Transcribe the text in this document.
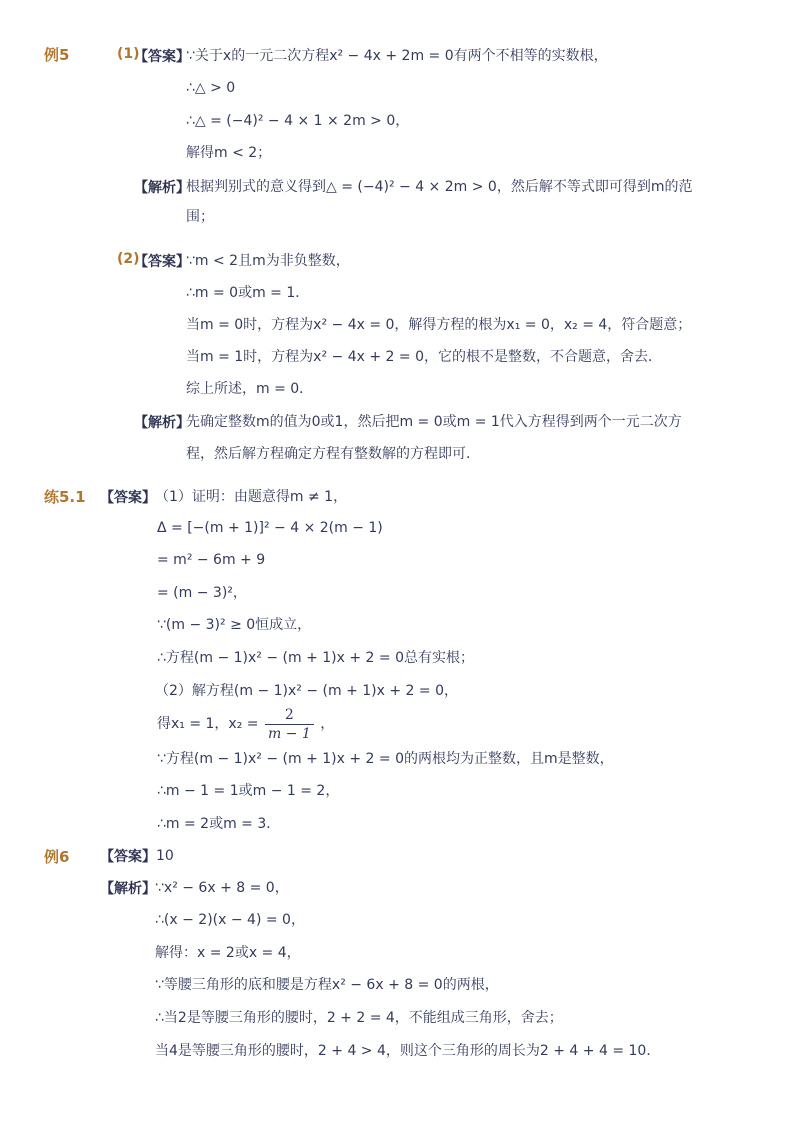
例5	(1)
【答案】
∵关于x的一元二次方程x² − 4x + 2m = 0有两个不相等的实数根，
∴△ > 0
∴△ = (−4)² − 4 × 1 × 2m > 0，
解得m < 2；
【解析】
根据判别式的意义得到△ = (−4)² − 4 × 2m > 0，然后解不等式即可得到m的范
围；
(2)
【答案】
∵m < 2且m为非负整数，
∴m = 0或m = 1．
当m = 0时，方程为x² − 4x = 0，解得方程的根为x₁ = 0，x₂ = 4，符合题意；
当m = 1时，方程为x² − 4x + 2 = 0，它的根不是整数，不合题意，舍去．
综上所述，m = 0．
【解析】
先确定整数m的值为0或1，然后把m = 0或m = 1代入方程得到两个一元二次方
程，然后解方程确定方程有整数解的方程即可．
练5.1 【答案】 （1）证明：由题意得m ≠ 1，
Δ = [−(m + 1)]² − 4 × 2(m − 1)
= m² − 6m + 9
= (m − 3)²，
∵(m − 3)² ≥ 0恒成立，
∴方程(m − 1)x² − (m + 1)x + 2 = 0总有实根；
（2）解方程(m − 1)x² − (m + 1)x + 2 = 0，
得x₁ = 1，$x_2 = \frac{2}{m - 1}$ ，
∵方程(m − 1)x² − (m + 1)x + 2 = 0的两根均为正整数，且m是整数，
∴m − 1 = 1或m − 1 = 2，
∴m = 2或m = 3．
例6 【答案】 10
【解析】 ∵x² − 6x + 8 = 0，
∴(x − 2)(x − 4) = 0，
解得：x = 2或x = 4，
∵等腰三角形的底和腰是方程x² − 6x + 8 = 0的两根，
∴当2是等腰三角形的腰时，2 + 2 = 4，不能组成三角形，舍去；
当4是等腰三角形的腰时，2 + 4 > 4，则这个三角形的周长为2 + 4 + 4 = 10．
